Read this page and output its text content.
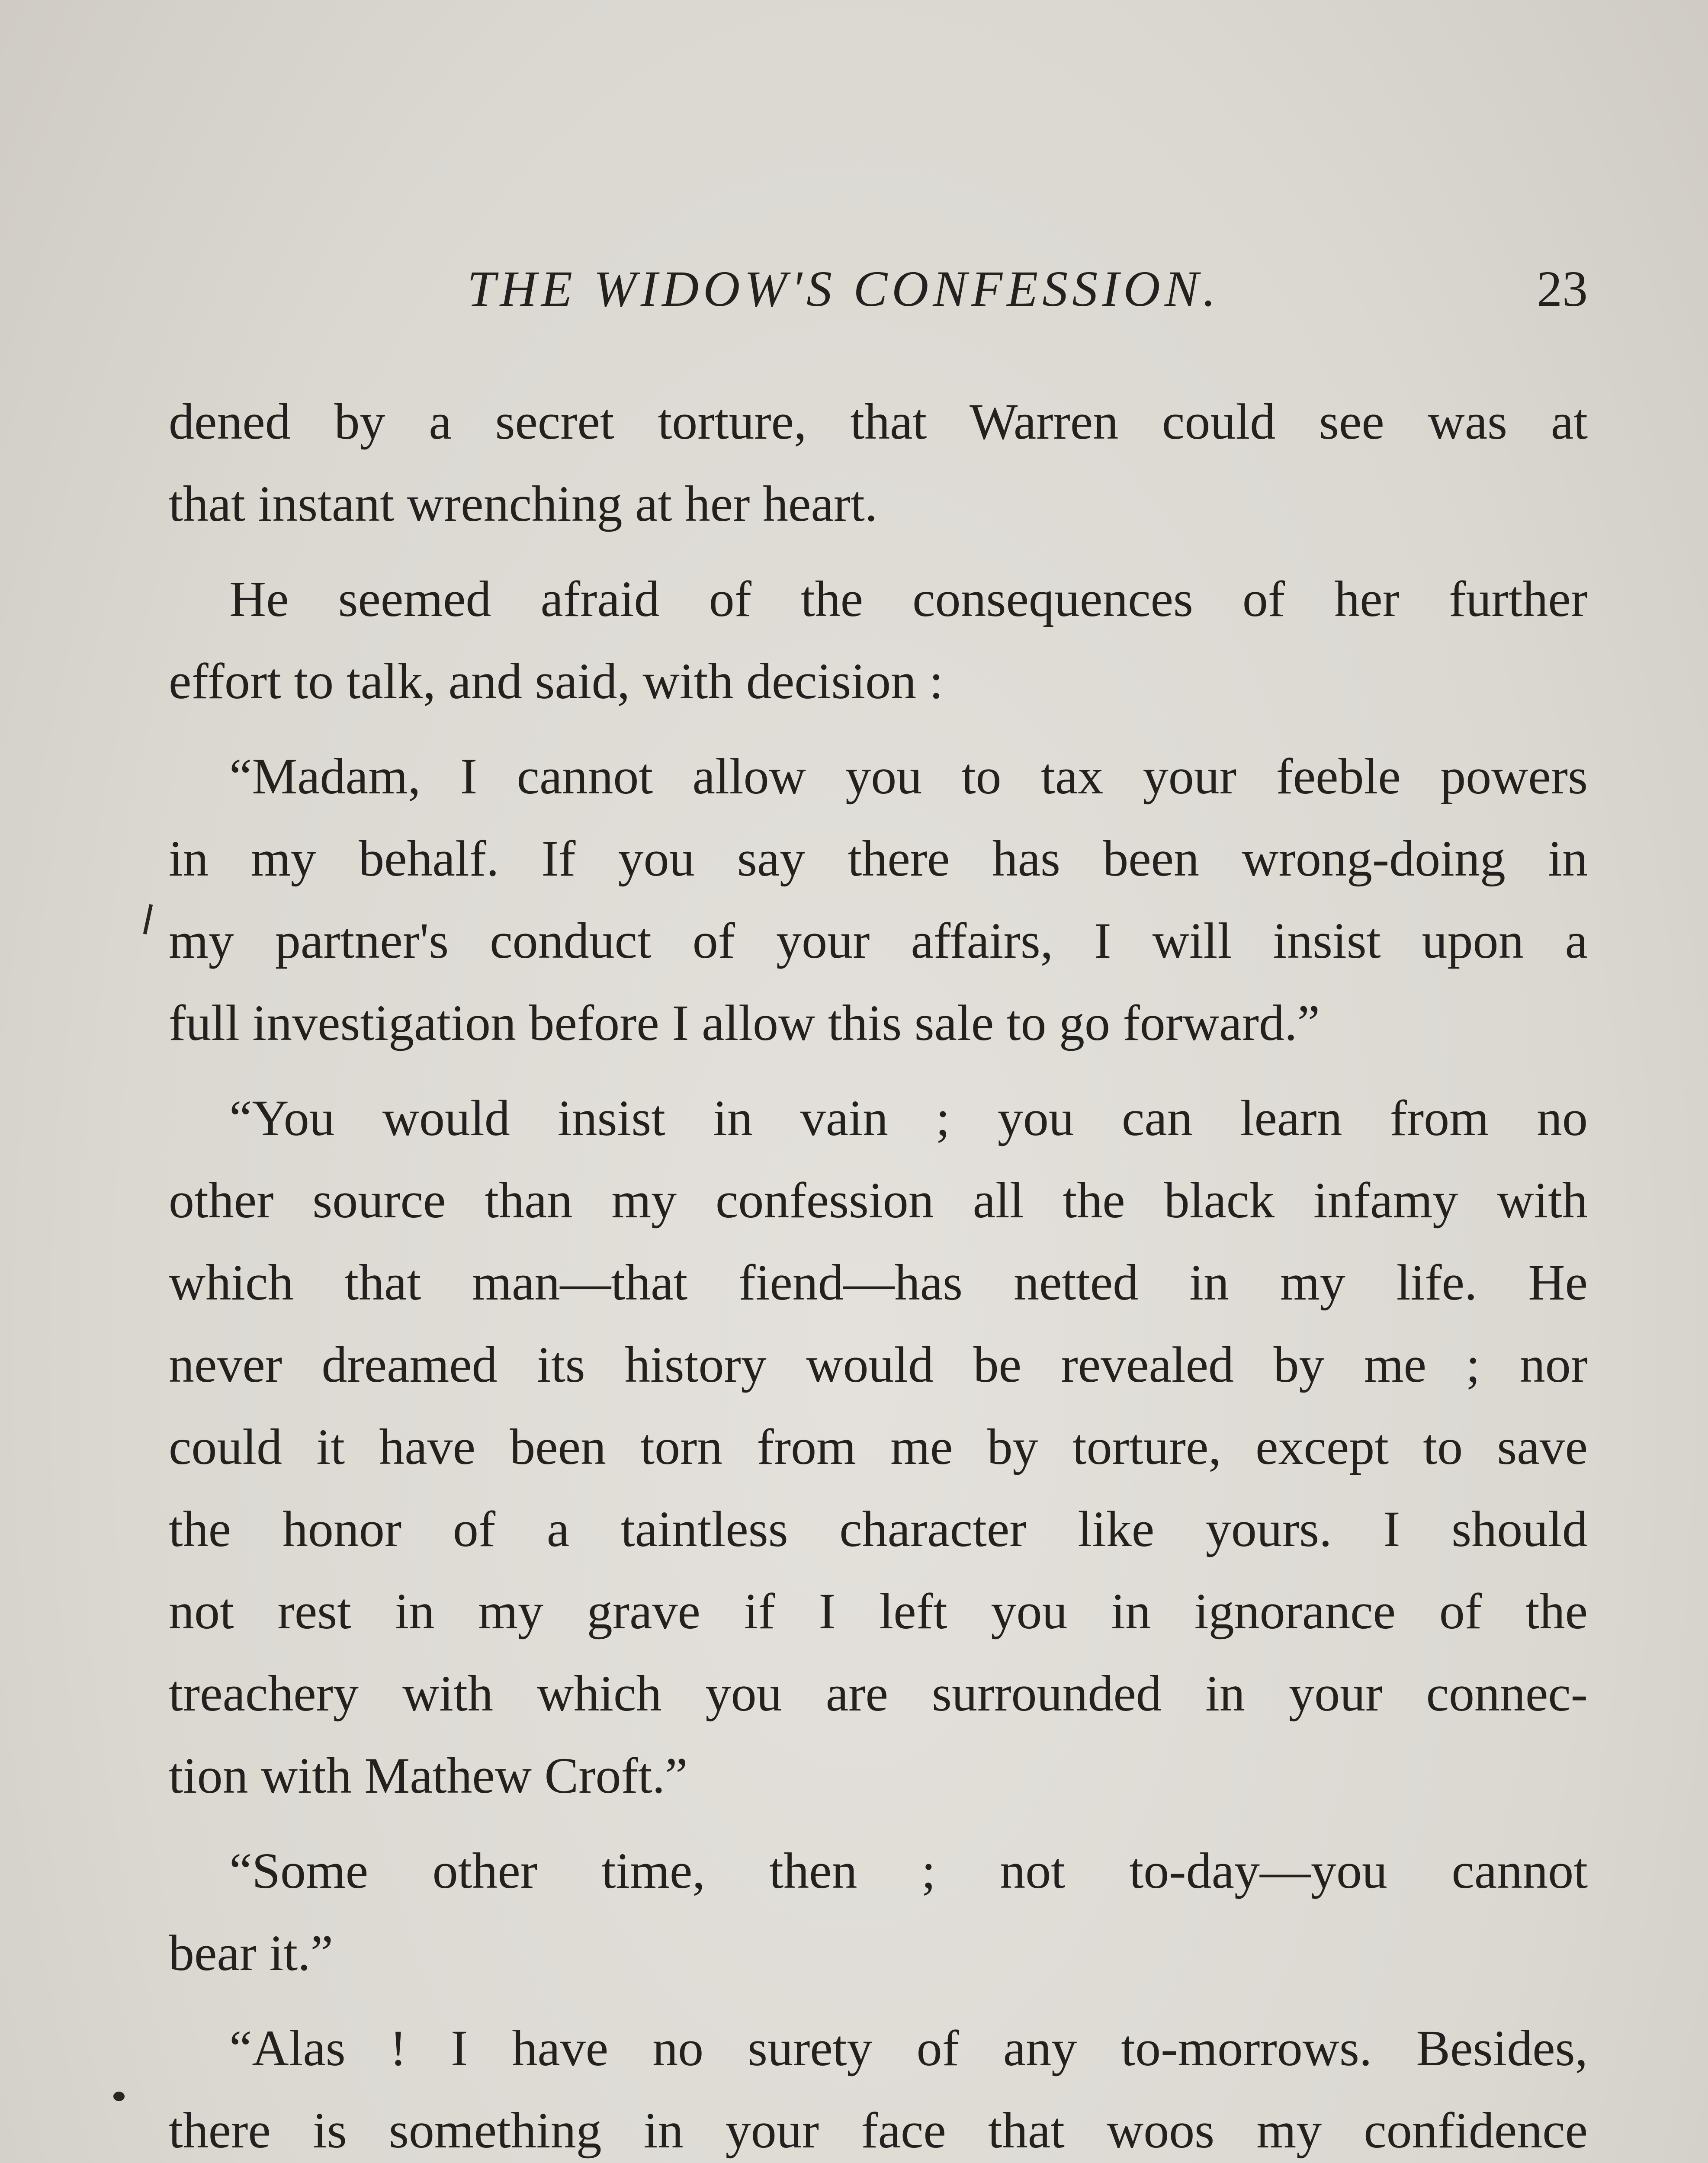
THE WIDOW'S CONFESSION.	23
dened by a secret torture, that Warren could see was at
that instant wrenching at her heart.
He seemed afraid of the consequences of her further
effort to talk, and said, with decision :
“Madam, I cannot allow you to tax your feeble powers
in my behalf. If you say there has been wrong-doing in
my partner's conduct of your affairs, I will insist upon a
full investigation before I allow this sale to go forward.”
“You would insist in vain ; you can learn from no
other source than my confession all the black infamy with
which that man—that fiend—has netted in my life. He
never dreamed its history would be revealed by me ; nor
could it have been torn from me by torture, except to save
the honor of a taintless character like yours. I should
not rest in my grave if I left you in ignorance of the
treachery with which you are surrounded in your connec-
tion with Mathew Croft.”
“Some other time, then ; not to-day—you cannot
bear it.”
“Alas ! I have no surety of any to-morrows. Besides,
there is something in your face that woos my confidence
